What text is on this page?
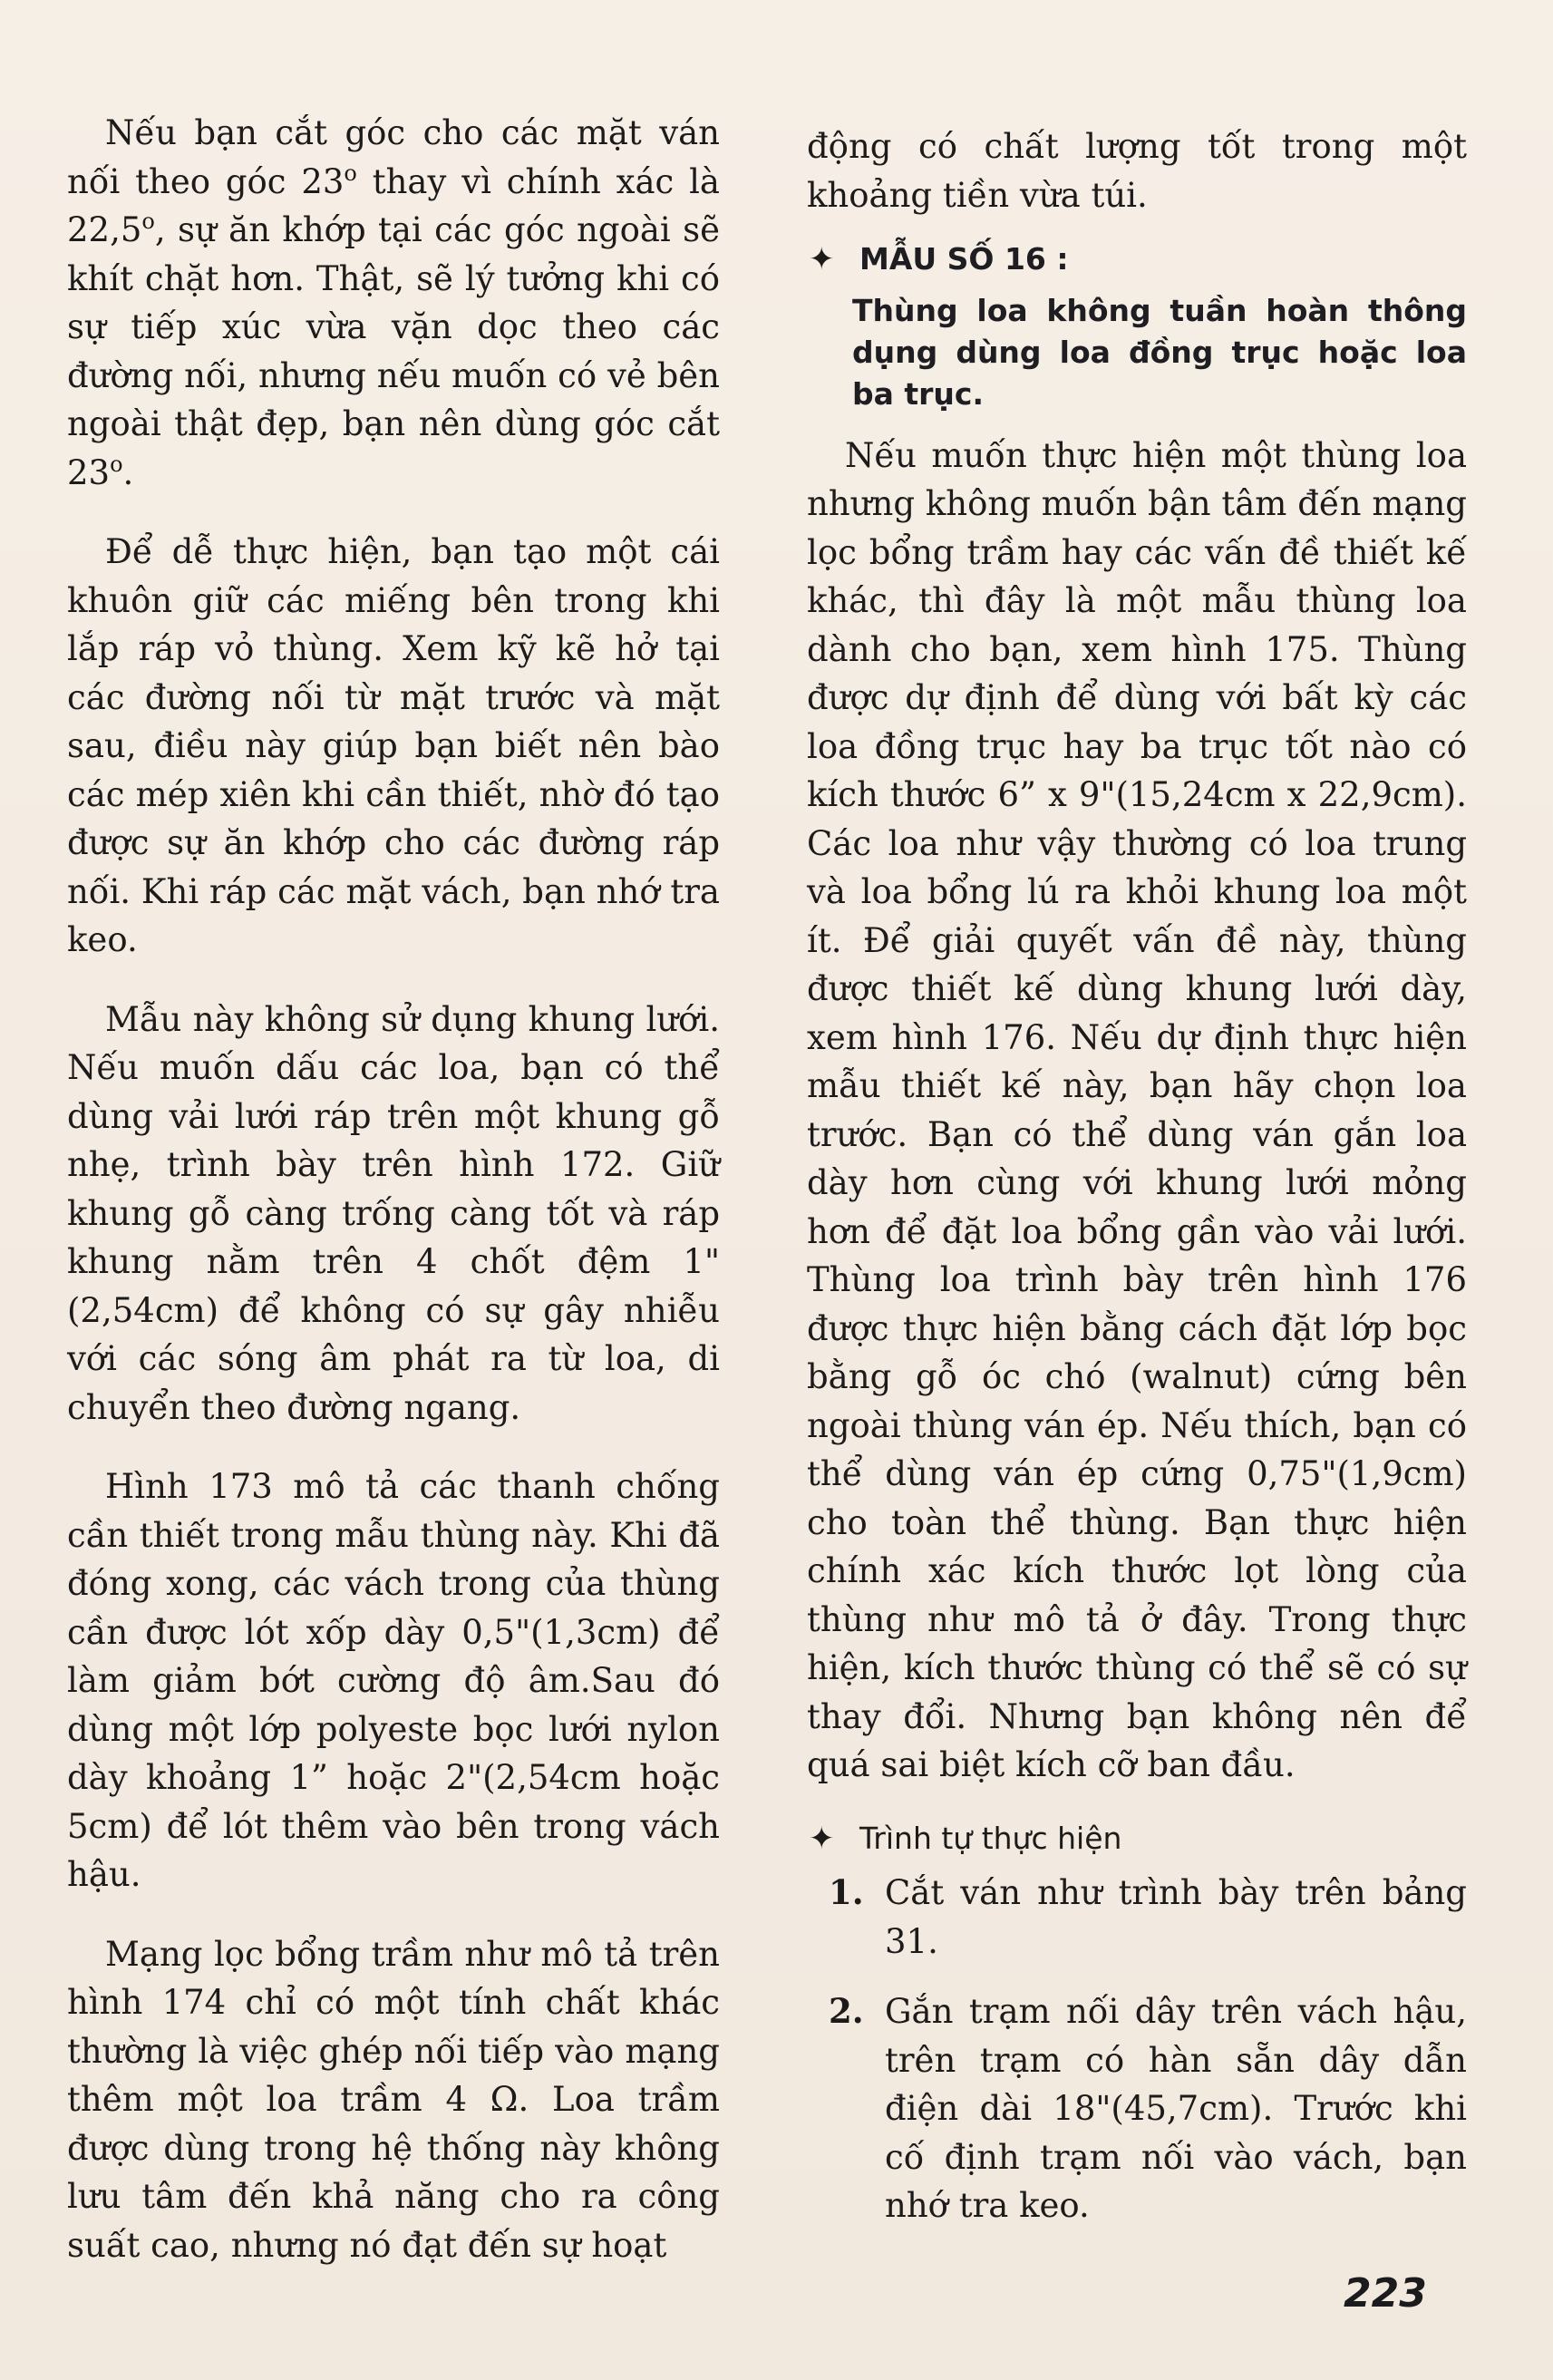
Nếu bạn cắt góc cho các mặt ván nối theo góc 23$^o$ thay vì chính xác là 22,5$^o$, sự ăn khớp tại các góc ngoài sẽ khít chặt hơn. Thật, sẽ lý tưởng khi có sự tiếp xúc vừa vặn dọc theo các đường nối, nhưng nếu muốn có vẻ bên ngoài thật đẹp, bạn nên dùng góc cắt 23$^o$.

Để dễ thực hiện, bạn tạo một cái khuôn giữ các miếng bên trong khi lắp ráp vỏ thùng. Xem kỹ kẽ hở tại các đường nối từ mặt trước và mặt sau, điều này giúp bạn biết nên bào các mép xiên khi cần thiết, nhờ đó tạo được sự ăn khớp cho các đường ráp nối. Khi ráp các mặt vách, bạn nhớ tra keo.

Mẫu này không sử dụng khung lưới. Nếu muốn dấu các loa, bạn có thể dùng vải lưới ráp trên một khung gỗ nhẹ, trình bày trên hình 172. Giữ khung gỗ càng trống càng tốt và ráp khung nằm trên 4 chốt đệm 1"(2,54cm) để không có sự gây nhiễu với các sóng âm phát ra từ loa, di chuyển theo đường ngang.

Hình 173 mô tả các thanh chống cần thiết trong mẫu thùng này. Khi đã đóng xong, các vách trong của thùng cần được lót xốp dày 0,5"(1,3cm) để làm giảm bớt cường độ âm.Sau đó dùng một lớp polyeste bọc lưới nylon dày khoảng 1” hoặc 2"(2,54cm hoặc 5cm) để lót thêm vào bên trong vách hậu.

Mạng lọc bổng trầm như mô tả trên hình 174 chỉ có một tính chất khác thường là việc ghép nối tiếp vào mạng thêm một loa trầm 4 Ω. Loa trầm được dùng trong hệ thống này không lưu tâm đến khả năng cho ra công suất cao, nhưng nó đạt đến sự hoạt

động có chất lượng tốt trong một khoảng tiền vừa túi.

✦ MẪU SỐ 16 :
Thùng loa không tuần hoàn thông dụng dùng loa đồng trục hoặc loa ba trục.

Nếu muốn thực hiện một thùng loa nhưng không muốn bận tâm đến mạng lọc bổng trầm hay các vấn đề thiết kế khác, thì đây là một mẫu thùng loa dành cho bạn, xem hình 175. Thùng được dự định để dùng với bất kỳ các loa đồng trục hay ba trục tốt nào có kích thước 6” x 9"(15,24cm x 22,9cm). Các loa như vậy thường có loa trung và loa bổng lú ra khỏi khung loa một ít. Để giải quyết vấn đề này, thùng được thiết kế dùng khung lưới dày, xem hình 176. Nếu dự định thực hiện mẫu thiết kế này, bạn hãy chọn loa trước. Bạn có thể dùng ván gắn loa dày hơn cùng với khung lưới mỏng hơn để đặt loa bổng gần vào vải lưới. Thùng loa trình bày trên hình 176 được thực hiện bằng cách đặt lớp bọc bằng gỗ óc chó (walnut) cứng bên ngoài thùng ván ép. Nếu thích, bạn có thể dùng ván ép cứng 0,75"(1,9cm) cho toàn thể thùng. Bạn thực hiện chính xác kích thước lọt lòng của thùng như mô tả ở đây. Trong thực hiện, kích thước thùng có thể sẽ có sự thay đổi. Nhưng bạn không nên để quá sai biệt kích cỡ ban đầu.

✦ Trình tự thực hiện
1. Cắt ván như trình bày trên bảng 31.
2. Gắn trạm nối dây trên vách hậu, trên trạm có hàn sẵn dây dẫn điện dài 18"(45,7cm). Trước khi cố định trạm nối vào vách, bạn nhớ tra keo.
223
